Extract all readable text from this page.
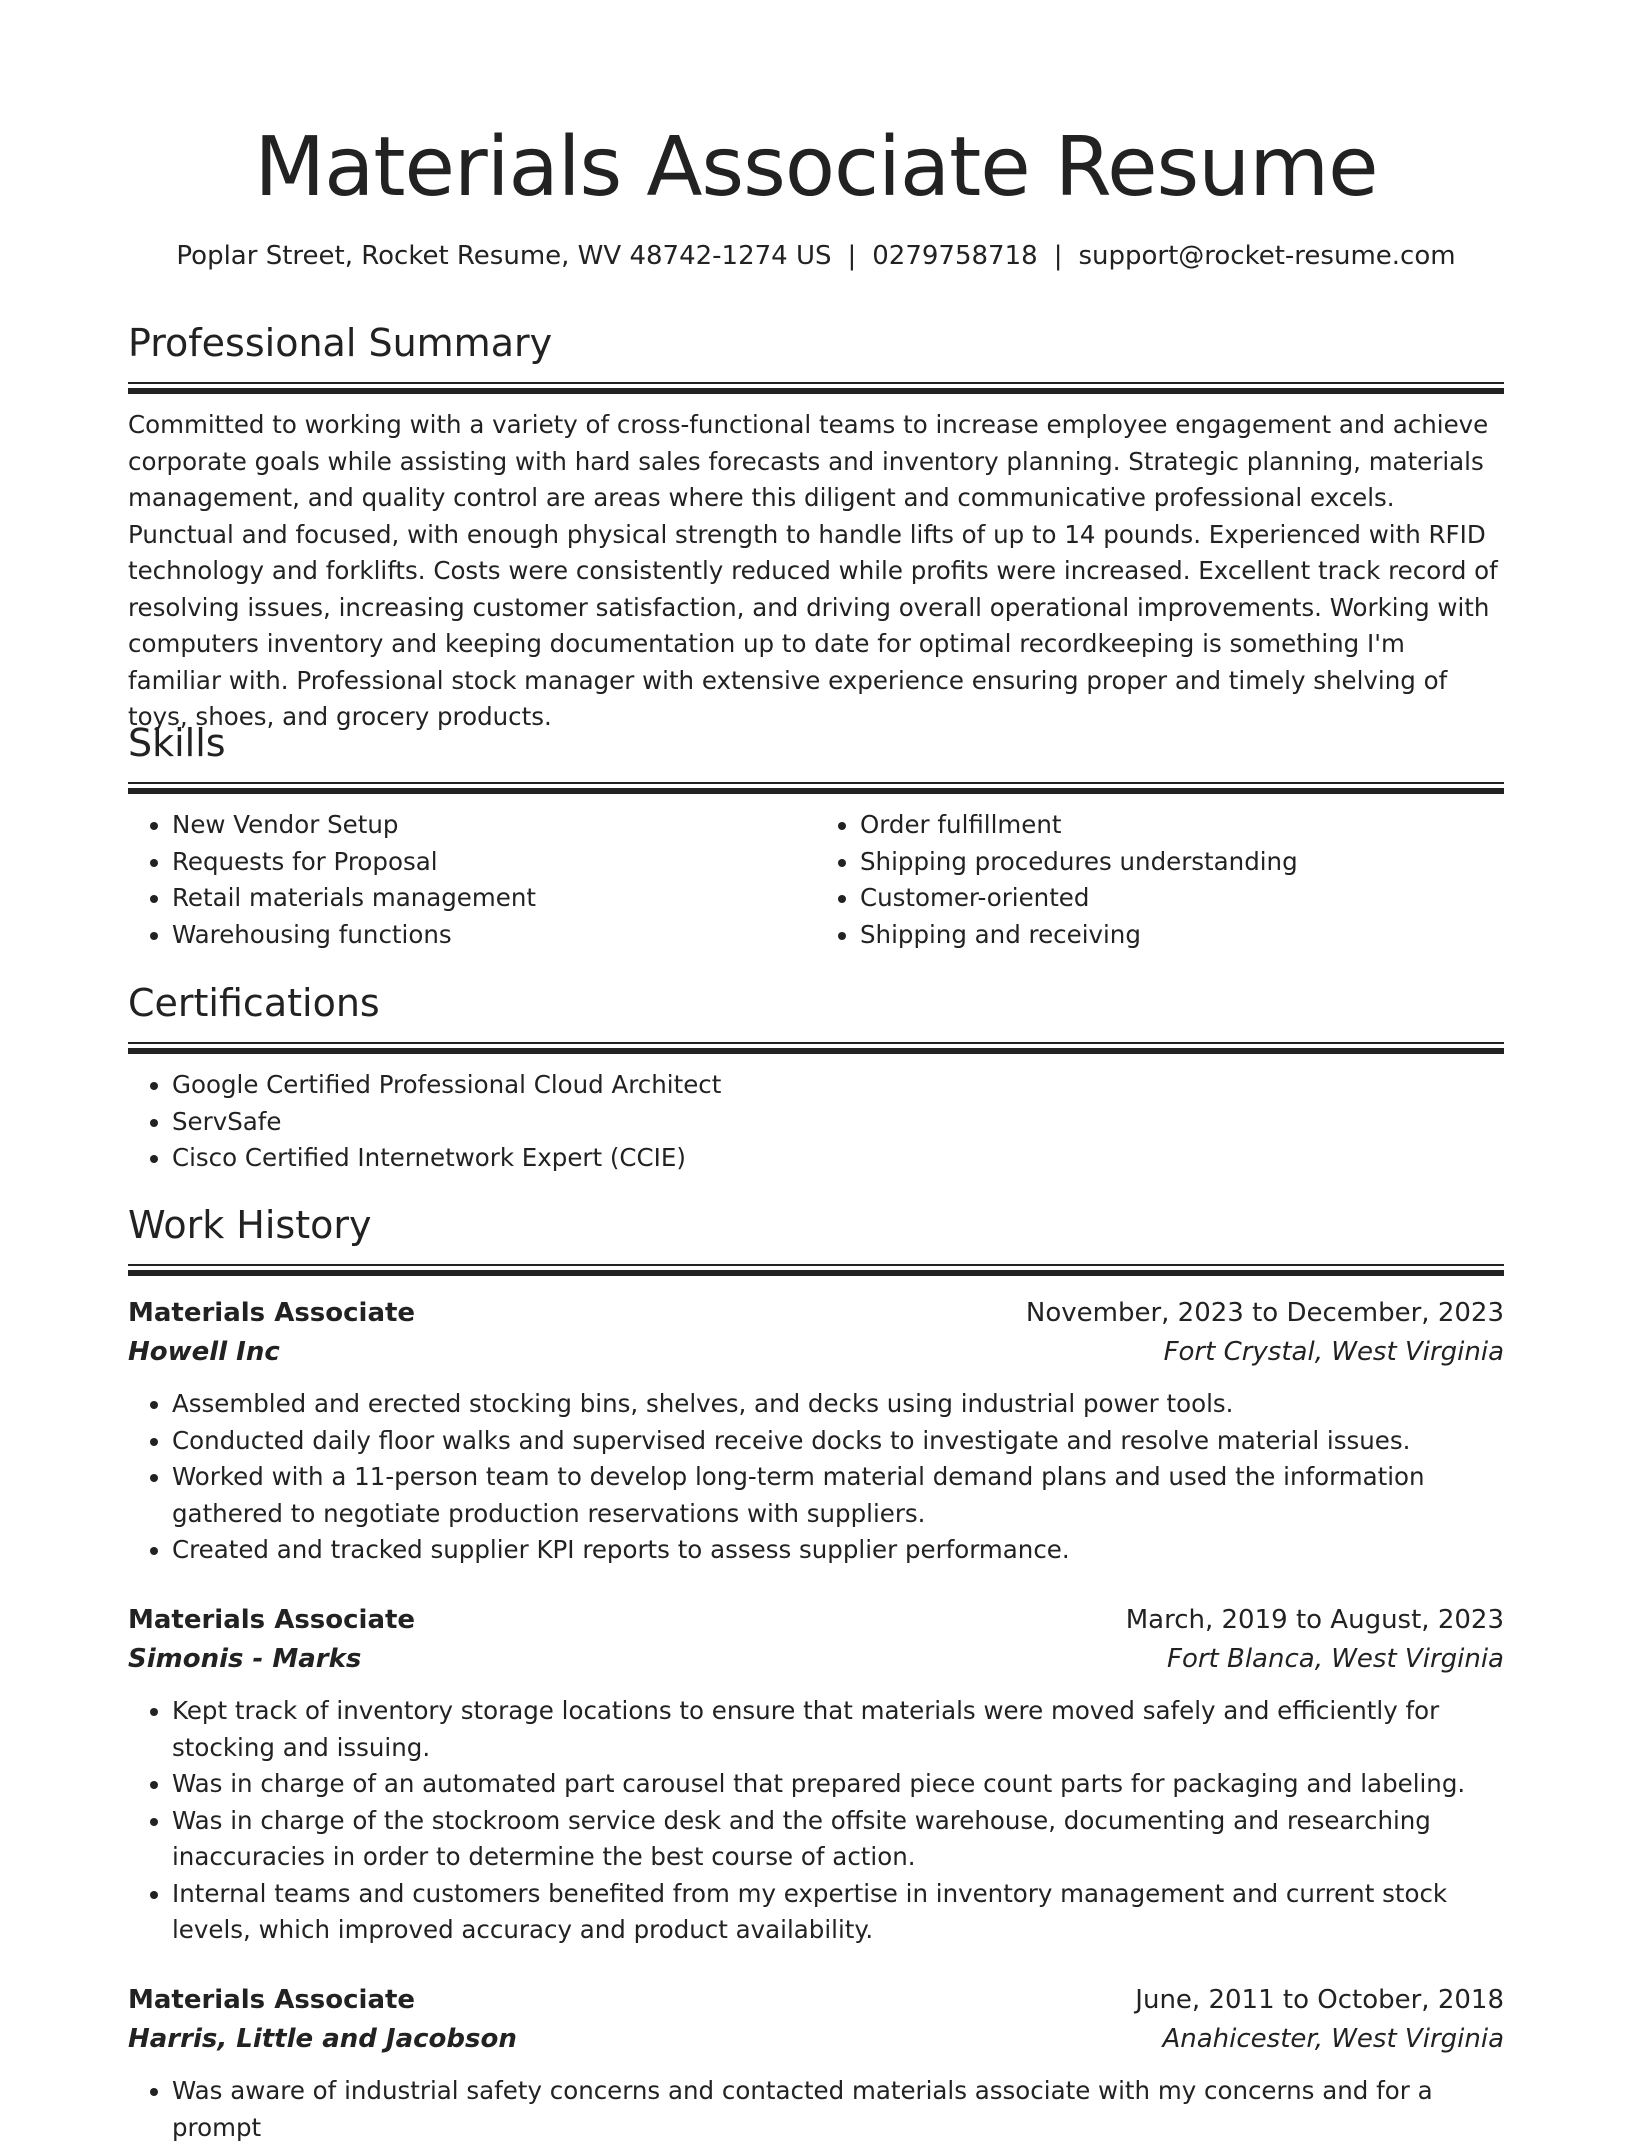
Materials Associate Resume
Poplar Street, Rocket Resume, WV 48742-1274 US | 0279758718 | support@rocket-resume.com
Professional Summary
Committed to working with a variety of cross-functional teams to increase employee engagement and achieve corporate goals while assisting with hard sales forecasts and inventory planning. Strategic planning, materials management, and quality control are areas where this diligent and communicative professional excels. Punctual and focused, with enough physical strength to handle lifts of up to 14 pounds. Experienced with RFID technology and forklifts. Costs were consistently reduced while profits were increased. Excellent track record of resolving issues, increasing customer satisfaction, and driving overall operational improvements. Working with computers inventory and keeping documentation up to date for optimal recordkeeping is something I'm familiar with. Professional stock manager with extensive experience ensuring proper and timely shelving of toys, shoes, and grocery products.
Skills
• New Vendor Setup
• Requests for Proposal
• Retail materials management
• Warehousing functions
• Order fulfillment
• Shipping procedures understanding
• Customer-oriented
• Shipping and receiving
Certifications
• Google Certified Professional Cloud Architect
• ServSafe
• Cisco Certified Internetwork Expert (CCIE)
Work History
Materials Associate	November, 2023 to December, 2023
Howell Inc	Fort Crystal, West Virginia
• Assembled and erected stocking bins, shelves, and decks using industrial power tools.
• Conducted daily floor walks and supervised receive docks to investigate and resolve material issues.
• Worked with a 11-person team to develop long-term material demand plans and used the information gathered to negotiate production reservations with suppliers.
• Created and tracked supplier KPI reports to assess supplier performance.
Materials Associate	March, 2019 to August, 2023
Simonis - Marks	Fort Blanca, West Virginia
• Kept track of inventory storage locations to ensure that materials were moved safely and efficiently for stocking and issuing.
• Was in charge of an automated part carousel that prepared piece count parts for packaging and labeling.
• Was in charge of the stockroom service desk and the offsite warehouse, documenting and researching inaccuracies in order to determine the best course of action.
• Internal teams and customers benefited from my expertise in inventory management and current stock levels, which improved accuracy and product availability.
Materials Associate	June, 2011 to October, 2018
Harris, Little and Jacobson	Anahicester, West Virginia
• Was aware of industrial safety concerns and contacted materials associate with my concerns and for a prompt
